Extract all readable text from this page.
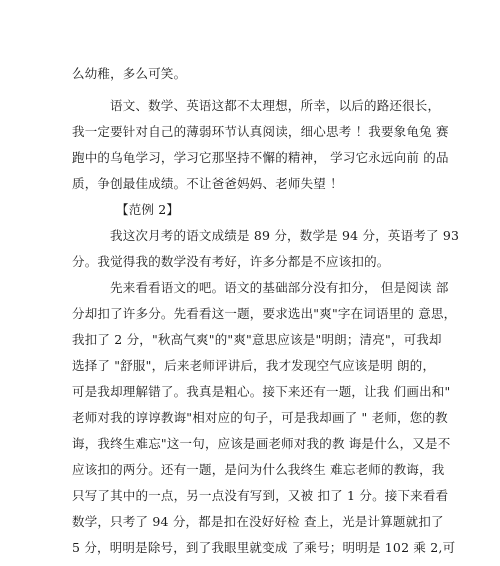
么幼稚，多么可笑。
语文、数学、英语这都不太理想，所幸，以后的路还很长，
我一定要针对自己的薄弱环节认真阅读，细心思考 ！我要象龟兔 赛
跑中的乌龟学习，学习它那坚持不懈的精神， 学习它永远向前 的品
质，争创最佳成绩。不让爸爸妈妈、老师失望 ！
【范例 2】
我这次月考的语文成绩是 89 分，数学是 94 分，英语考了 93
分。我觉得我的数学没有考好，许多分都是不应该扣的。
先来看看语文的吧。语文的基础部分没有扣分， 但是阅读 部
分却扣了许多分。先看看这一题，要求选出"爽"字在词语里的 意思，
我扣了 2 分，"秋高气爽"的"爽"意思应该是"明朗；清亮"，可我却
选择了 "舒服"，后来老师评讲后，我才发现空气应该是明 朗的，
可是我却理解错了。我真是粗心。接下来还有一题，让我 们画出和"
老师对我的谆谆教诲"相对应的句子，可是我却画了 " 老师，您的教
诲，我终生难忘"这一句，应该是画老师对我的教 诲是什么，又是不
应该扣的两分。还有一题，是问为什么我终生 难忘老师的教诲，我
只写了其中的一点，另一点没有写到，又被 扣了 1 分。接下来看看
数学，只考了 94 分，都是扣在没好好检 查上，光是计算题就扣了
5 分，明明是除号，到了我眼里就变成 了乘号；明明是 102 乘 2,可
